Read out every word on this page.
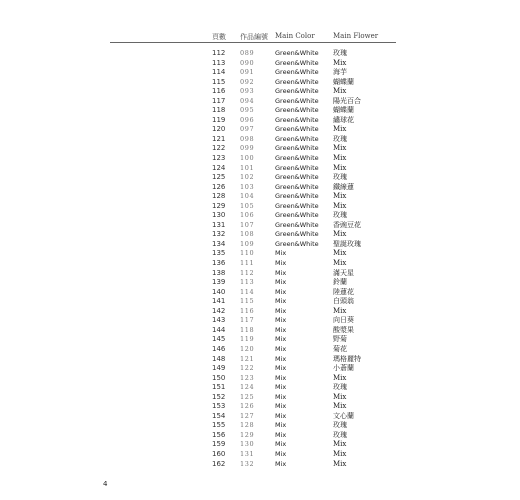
頁數 作品編號 Main Color	Main Flower
112 089	Green&White 玫瑰
113 090	Green&White Mix
114 091	Green&White 海芋
115 092	Green&White 蝴蝶蘭
116 093	Green&White Mix
117 094	Green&White 陽光百合
118 095	Green&White 蝴蝶蘭
119 096	Green&White 繡球花
120 097	Green&White Mix
121 098	Green&White 玫瑰
122 099	Green&White Mix
123 100	Green&White Mix
124 101	Green&White Mix
125 102	Green&White 玫瑰
126 103	Green&White 鐵線蓮
128 104	Green&White Mix
129 105	Green&White Mix
130 106	Green&White 玫瑰
131 107	Green&White 香豌豆花
132 108	Green&White Mix
134 109	Green&White 聖誕玫瑰
135 110	Mix	Mix
136 111	Mix	Mix
138 112	Mix	滿天星
139 113	Mix	鈴蘭
140 114	Mix	陸蓮花
141 115	Mix	白頭翁
142 116	Mix	Mix
143 117	Mix	向日葵
144 118	Mix	酸漿果
145 119	Mix	野菊
146 120	Mix	菊花
148 121	Mix	瑪格麗特
149 122	Mix	小蒼蘭
150 123	Mix	Mix
151 124	Mix	玫瑰
152 125	Mix	Mix
153 126	Mix	Mix
154 127	Mix	文心蘭
155 128	Mix	玫瑰
156 129	Mix	玫瑰
159 130	Mix	Mix
160 131	Mix	Mix
162 132	Mix	Mix
4
